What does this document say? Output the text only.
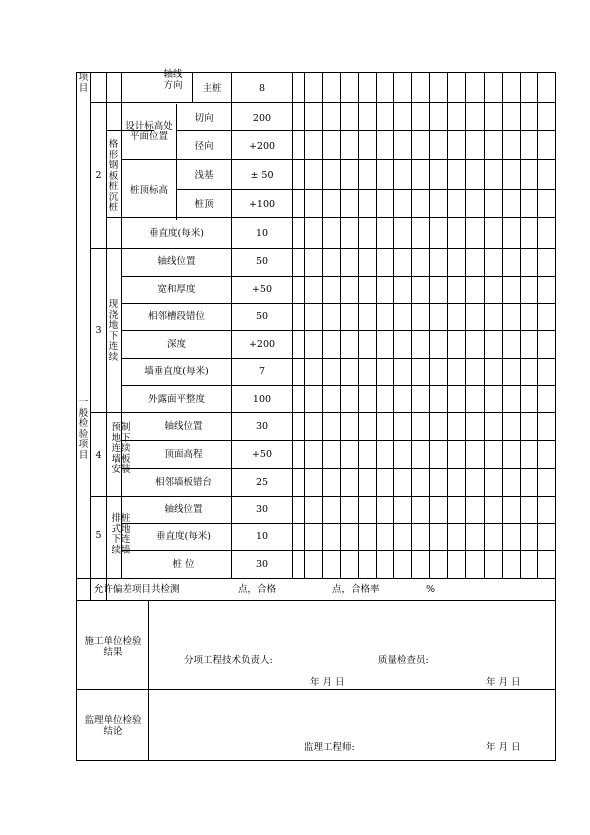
项目
一般检验项目
轴线方向	主桩	8
2
格形钢板桩沉桩
设计标高处平面位置
切向	200
径向	+200
桩顶标高
浅基	± 50
桩顶	+100
垂直度(每米)	10
3
现浇地下连续
轴线位置	50
宽和厚度	+50
相邻槽段错位	50
深度	+200
墙垂直度(每米)	7
外露面平整度	100
4
预制地下连续墙板安装
轴线位置	30
顶面高程	+50
相邻墙板错台	25
5
排桩式地下连续墙
轴线位置	30
垂直度(每米)	10
桩 位	30
允许偏差项目共检测	点，合格	点，合格率	%
施工单位检验结果
分项工程技术负责人:	质量检查员:
年 月 日	年 月 日
监理单位检验结论
监理工程师:	年 月 日
